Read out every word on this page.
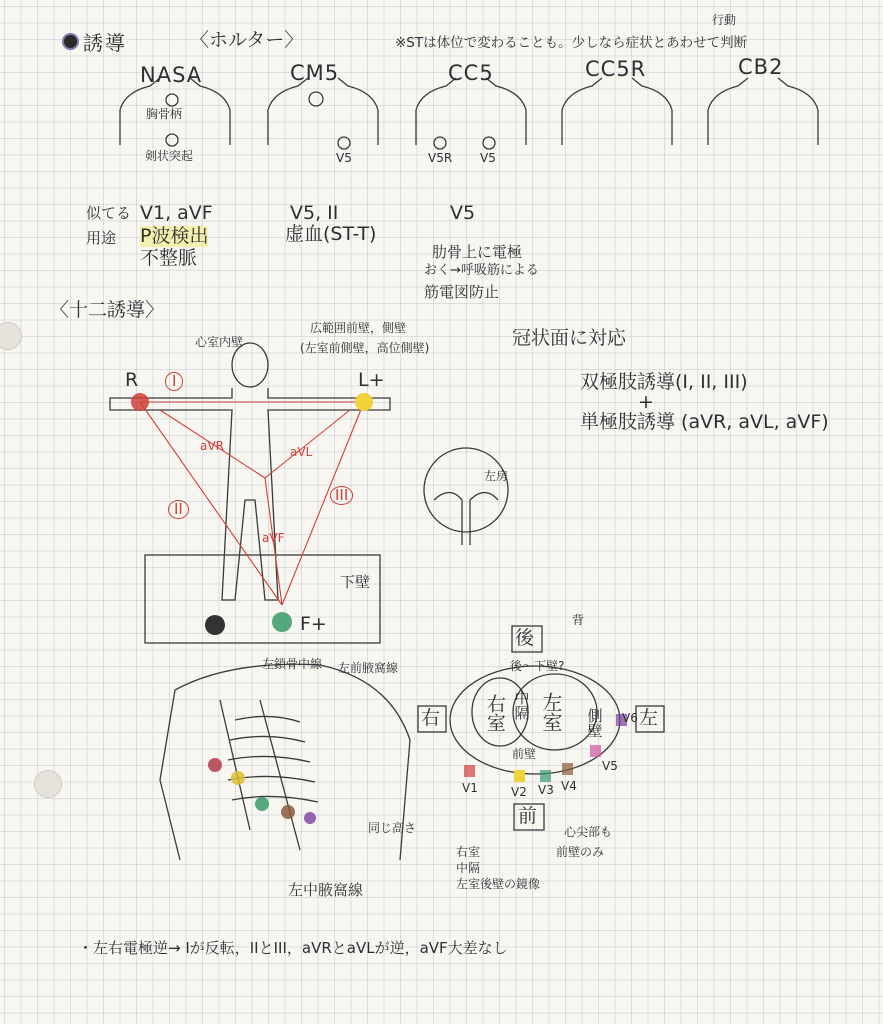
誘導	〈ホルター〉	※STは体位で変わることも。少しなら症状とあわせて判断
行動
NASA	CM5	CC5	CC5R	CB2
胸骨柄
剣状突起	V5	V5R V5
似てる V1, aVF	V5, II	V5
用途 P波検出
不整脈
虚血(ST-T)
肋骨上に電極
おく→呼吸筋による
筋電図防止
〈十二誘導〉
心室内壁
広範囲前壁，側壁
(左室前側壁，高位側壁)	冠状面に対応
R	L+
F+
I
II
III
aVR	aVL
aVF
下壁
双極肢誘導(I, II, III)
+
単極肢誘導 (aVR, aVL, aVF)
左房
左鎖骨中線 左前腋窩線
同じ高さ
左中腋窩線
後
後〜下壁?
背
右	左
右室 中隔 左室 側壁
前壁
前
V1	V2 V3 V4
V5
V6
右室
中隔
左室後壁の鏡像
心尖部も
前壁のみ
・左右電極逆→ Iが反転，IIとIII，aVRとaVLが逆，aVF大差なし
